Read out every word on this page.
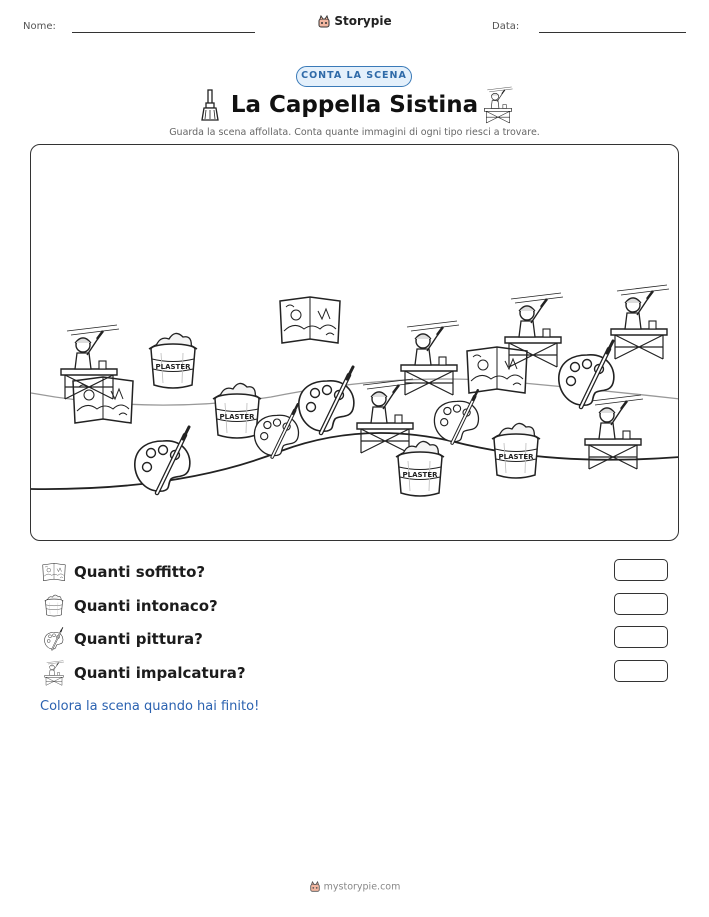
Nome:	Storypie	Data:
CONTA LA SCENA
La Cappella Sistina
Guarda la scena affollata. Conta quante immagini di ogni tipo riesci a trovare.
PLASTER
PLASTER
PLASTER
PLASTER
Quanti soffitto?
Quanti intonaco?
Quanti pittura?
Quanti impalcatura?
Colora la scena quando hai finito!
mystorypie.com
